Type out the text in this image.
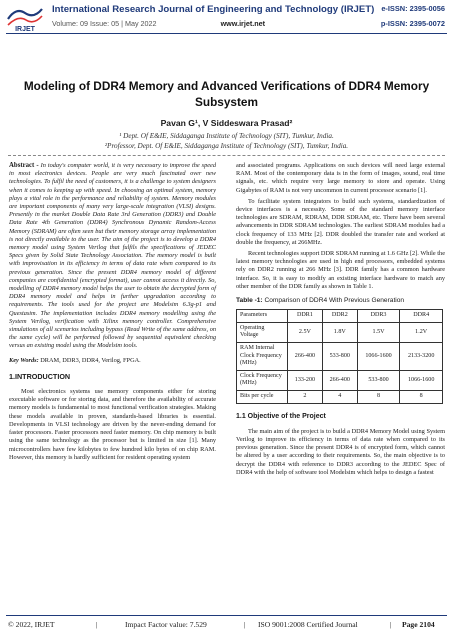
IRJET
International Research Journal of Engineering and Technology (IRJET)
Volume: 09 Issue: 05 | May 2022	www.irjet.net
e-ISSN: 2395-0056
p-ISSN: 2395-0072
Modeling of DDR4 Memory and Advanced Verifications of DDR4 Memory Subsystem
Pavan G¹, V Siddeswara Prasad²
¹ Dept. Of E&IE, Siddaganga Institute of Technology (SIT), Tumkur, India.
²Professor, Dept. Of E&IE, Siddaganga Institute of Technology (SIT), Tumkur, India.

Abstract - In today's computer world, it is very necessary to improve the speed in most electronics devices. People are very much fascinated over new technologies. To fulfil the need of customers, it is a challenge to system designers when it comes to keeping up with speed. In choosing an optimal system, memory plays a vital role in the performance and reliability of system. Memory modules are important components of many very large-scale integration (VLSI) designs. Presently in the market Double Data Rate 3rd Generation (DDR3) and Double Data Rate 4th Generation (DDR4) Synchronous Dynamic Random-Access Memory (SDRAM) are often seen but their memory storage array implementation is not directly available to the user. The aim of the project is to develop a DDR4 memory model using System Verilog that fulfils the specifications of JEDEC Specs given by Solid State Technology Association. The memory model is built with improvisation in its efficiency in terms of data rate when compared to its previous generation. Since the present DDR4 memory model of different companies are confidential (encrypted format), user cannot access it directly. So, modelling of DDR4 memory model helps the user to obtain the decrypted form of DDR4 memory model and helps in further upgradation according to requirements. The tools used for the project are Modelsim 6.3g-p1 and Questasim. The implementation includes DDR4 memory modelling using the System Verilog, verification with Xilinx memory controller. Comprehensive simulations of all scenarios including bypass (Read Write of the same address, on the same cycle) will be performed followed by sequential equivalent checking versus an existing model using the Modelsim tools.

Key Words: DRAM, DDR3, DDR4, Verilog, FPGA.

1.INTRODUCTION

Most electronics systems use memory components either for storing executable software or for storing data, and therefore the availability of accurate memory models is fundamental to most functional verification strategies. Making these models available in proven, standards-based libraries is essential. Developments in VLSI technology are driven by the never-ending demand for faster processors. Faster processors need faster memory. On chip memory is built using the same technology as the processor but is limited in size [1]. Many microcontrollers have few kilobytes to few hundred kilo bytes of on chip RAM. However, this memory is hardly sufficient for resident operating system

and associated programs. Applications on such devices will need large external RAM. Most of the contemporary data is in the form of images, sound, real time signals, etc. which require very large memory to store and operate. Using Gigabytes of RAM is not very uncommon in current processor scenario [1].

To facilitate system integrators to build such systems, standardization of device interfaces is a necessity. Some of the standard memory interface technologies are SDRAM, RDRAM, DDR SDRAM, etc. There have been several advancements in DDR SDRAM technologies. The earliest SDRAM modules had a clock frequency of 133 MHz [2]. DDR doubled the transfer rate and worked at double the frequency, at 266MHz.

Recent technologies support DDR SDRAM running at 1.6 GHz [2]. While the latest memory technologies are used in high end processors, embedded systems rely on DDR2 running at 266 MHz [3]. DDR family has a common hardware interface. So, it is easy to modify an existing interface hardware to match any other member of the DDR family as shown in Table 1.

Table -1: Comparison of DDR4 With Previous Generation

Parameters	DDR1	DDR2	DDR3	DDR4
Operating Voltage	2.5V	1.8V	1.5V	1.2V
RAM Internal Clock Frequency (MHz)	266-400	533-800	1066-1600	2133-3200
Clock Frequency (MHz)	133-200	266-400	533-800	1066-1600
Bits per cycle	2	4	8	8

1.1 Objective of the Project

The main aim of the project is to build a DDR4 Memory Model using System Verilog to improve its efficiency in terms of data rate when compared to its previous generation. Since the present DDR4 is of encrypted form, which cannot be altered by a user according to their requirements. So, the main objective is to decrypt the DDR4 with reference to DDR3 according to the JEDEC Spec of DDR4 with the help of software tool Modelsim which helps to design a fastest

© 2022, IRJET	|	Impact Factor value: 7.529	| ISO 9001:2008 Certified Journal	| Page 2104
